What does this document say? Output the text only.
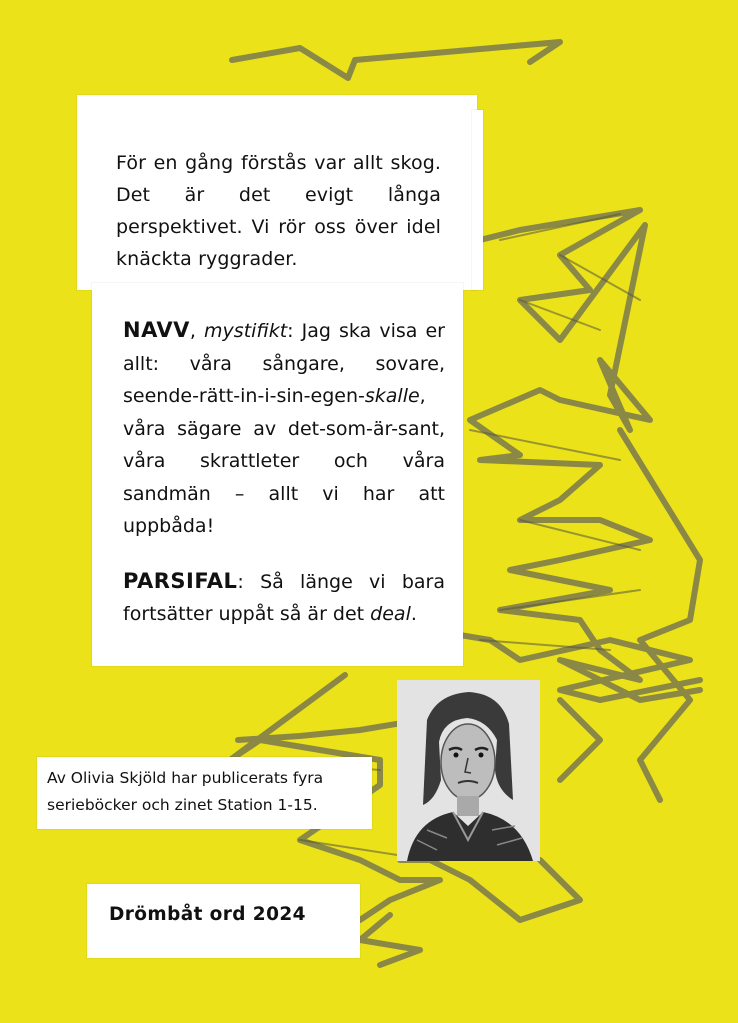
För en gång förstås var allt skog. Det är det evigt långa perspektivet. Vi rör oss över idel knäckta ryggrader.

NAVV, mystifikt: Jag ska visa er allt: våra sångare, sovare, seende-rätt-in-i-sin-egen-skalle, våra sägare av det-som-är-sant, våra skrattleter och våra sandmän – allt vi har att uppbåda!

PARSIFAL: Så länge vi bara fortsätter uppåt så är det deal.

Av Olivia Skjöld har publicerats fyra
serieböcker och zinet Station 1-15.

Drömbåt ord 2024
